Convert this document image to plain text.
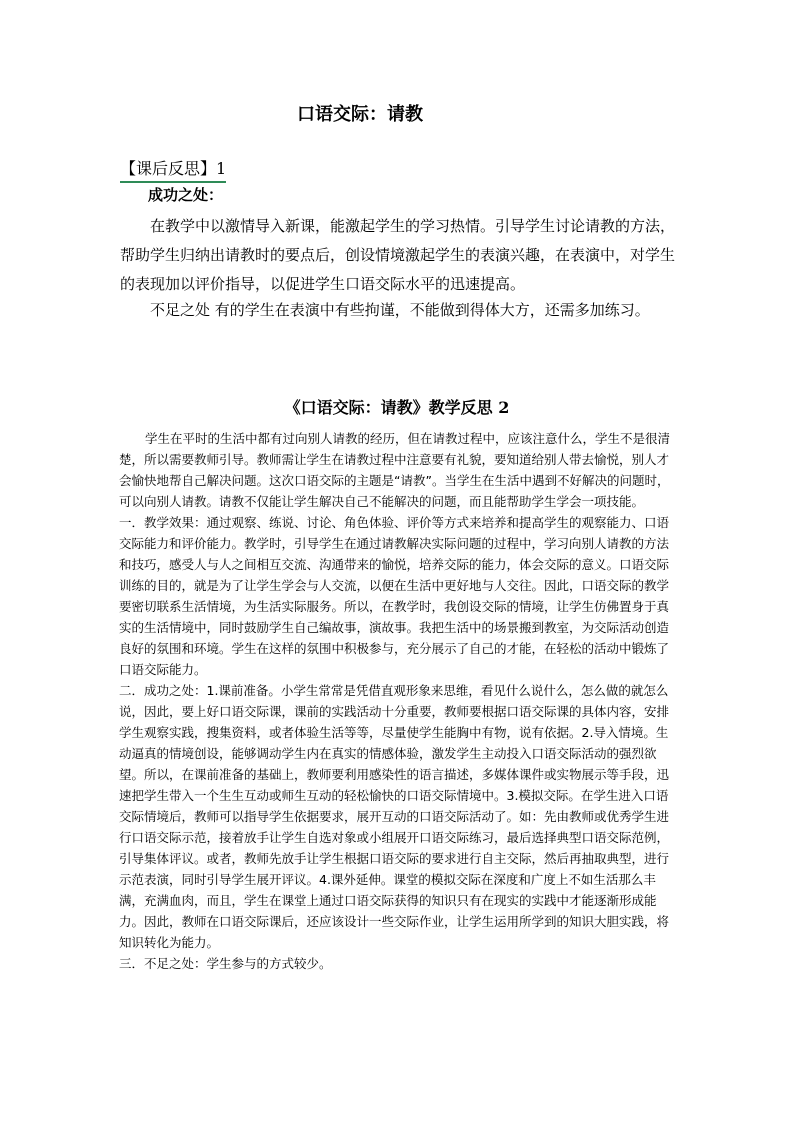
口语交际：请教
【课后反思】1
成功之处：

在教学中以激情导入新课，能激起学生的学习热情。引导学生讨论请教的方法，帮助学生归纳出请教时的要点后，创设情境激起学生的表演兴趣，在表演中，对学生的表现加以评价指导，以促进学生口语交际水平的迅速提高。

不足之处 有的学生在表演中有些拘谨，不能做到得体大方，还需多加练习。

《口语交际：请教》教学反思 2

学生在平时的生活中都有过向别人请教的经历，但在请教过程中，应该注意什么，学生不是很清楚，所以需要教师引导。教师需让学生在请教过程中注意要有礼貌，要知道给别人带去愉悦，别人才会愉快地帮自己解决问题。这次口语交际的主题是“请教”。当学生在生活中遇到不好解决的问题时，可以向别人请教。请教不仅能让学生解决自己不能解决的问题，而且能帮助学生学会一项技能。

一．教学效果：通过观察、练说、讨论、角色体验、评价等方式来培养和提高学生的观察能力、口语交际能力和评价能力。教学时，引导学生在通过请教解决实际问题的过程中，学习向别人请教的方法和技巧，感受人与人之间相互交流、沟通带来的愉悦，培养交际的能力，体会交际的意义。口语交际训练的目的，就是为了让学生学会与人交流，以便在生活中更好地与人交往。因此，口语交际的教学要密切联系生活情境，为生活实际服务。所以，在教学时，我创设交际的情境，让学生仿佛置身于真实的生活情境中，同时鼓励学生自己编故事，演故事。我把生活中的场景搬到教室，为交际活动创造良好的氛围和环境。学生在这样的氛围中积极参与，充分展示了自己的才能，在轻松的活动中锻炼了口语交际能力。

二．成功之处：1.课前准备。小学生常常是凭借直观形象来思维，看见什么说什么，怎么做的就怎么说，因此，要上好口语交际课，课前的实践活动十分重要，教师要根据口语交际课的具体内容，安排学生观察实践，搜集资料，或者体验生活等等，尽量使学生能胸中有物，说有依据。2.导入情境。生动逼真的情境创设，能够调动学生内在真实的情感体验，激发学生主动投入口语交际活动的强烈欲望。所以，在课前准备的基础上，教师要利用感染性的语言描述，多媒体课件或实物展示等手段，迅速把学生带入一个生生互动或师生互动的轻松愉快的口语交际情境中。3.模拟交际。在学生进入口语交际情境后，教师可以指导学生依据要求，展开互动的口语交际活动了。如：先由教师或优秀学生进行口语交际示范，接着放手让学生自选对象或小组展开口语交际练习，最后选择典型口语交际范例，引导集体评议。或者，教师先放手让学生根据口语交际的要求进行自主交际，然后再抽取典型，进行示范表演，同时引导学生展开评议。4.课外延伸。课堂的模拟交际在深度和广度上不如生活那么丰满，充满血肉，而且，学生在课堂上通过口语交际获得的知识只有在现实的实践中才能逐渐形成能力。因此，教师在口语交际课后，还应该设计一些交际作业，让学生运用所学到的知识大胆实践，将知识转化为能力。

三．不足之处：学生参与的方式较少。
